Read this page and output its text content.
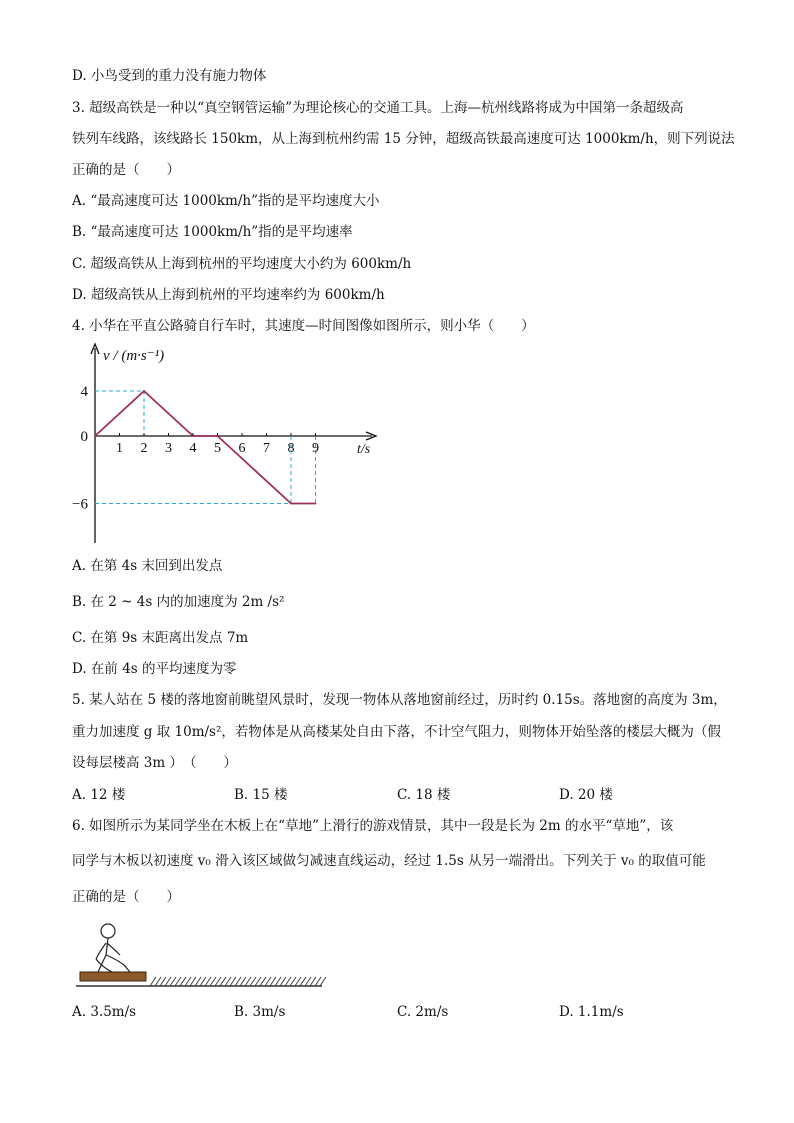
D. 小鸟受到的重力没有施力物体
3. 超级高铁是一种以“真空钢管运输”为理论核心的交通工具。上海—杭州线路将成为中国第一条超级高
铁列车线路，该线路长 150km，从上海到杭州约需 15 分钟，超级高铁最高速度可达 1000km/h，则下列说法
正确的是（　　）
A. “最高速度可达 1000km/h”指的是平均速度大小
B. “最高速度可达 1000km/h”指的是平均速率
C. 超级高铁从上海到杭州的平均速度大小约为 600km/h
D. 超级高铁从上海到杭州的平均速率约为 600km/h
4. 小华在平直公路骑自行车时，其速度—时间图像如图所示，则小华（　　）
v / (m·s⁻¹)
t/s
1 2 3 4 5 6 7 8 9
4
0
−6
A. 在第 4s 末回到出发点
B. 在 2 ~ 4s 内的加速度为 2m /s²
C. 在第 9s 末距离出发点 7m
D. 在前 4s 的平均速度为零
5. 某人站在 5 楼的落地窗前眺望风景时，发现一物体从落地窗前经过，历时约 0.15s。落地窗的高度为 3m，
重力加速度 g 取 10m/s²，若物体是从高楼某处自由下落，不计空气阻力，则物体开始坠落的楼层大概为（假
设每层楼高 3m ）　（　　）
A. 12 楼	B. 15 楼	C. 18 楼	D. 20 楼
6. 如图所示为某同学坐在木板上在“草地”上滑行的游戏情景，其中一段是长为 2m 的水平“草地”，该
同学与木板以初速度 v₀ 滑入该区域做匀减速直线运动，经过 1.5s 从另一端滑出。下列关于 v₀ 的取值可能
正确的是（　　）
A. 3.5m/s	B. 3m/s	C. 2m/s	D. 1.1m/s
